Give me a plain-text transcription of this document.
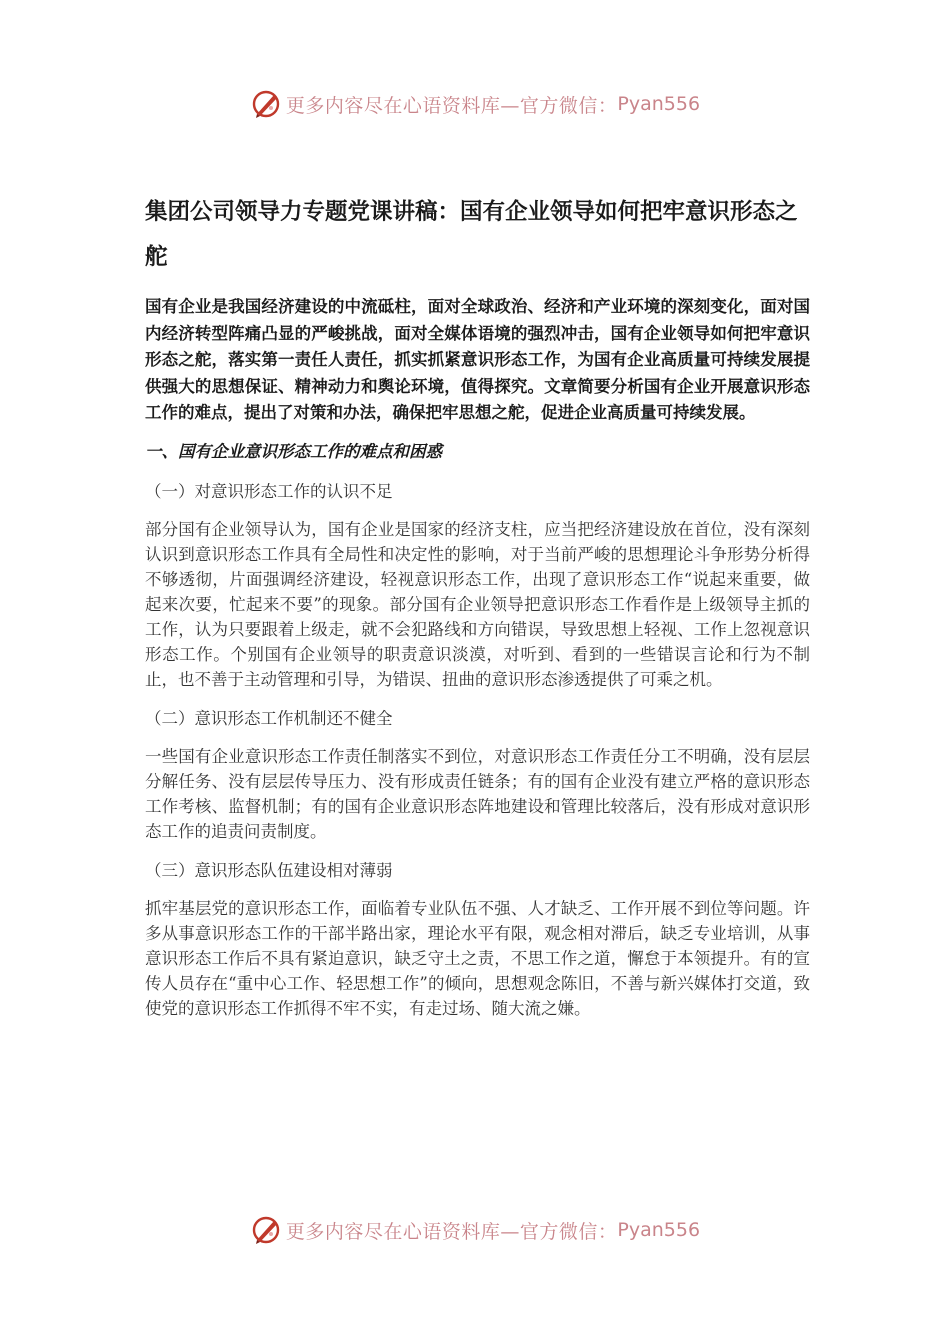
更多内容尽在心语资料库—官方微信： Pyan556
集团公司领导力专题党课讲稿：国有企业领导如何把牢意识形态之舵

国有企业是我国经济建设的中流砥柱，面对全球政治、经济和产业环境的深刻变化，面对国内经济转型阵痛凸显的严峻挑战，面对全媒体语境的强烈冲击，国有企业领导如何把牢意识形态之舵，落实第一责任人责任，抓实抓紧意识形态工作，为国有企业高质量可持续发展提供强大的思想保证、精神动力和舆论环境，值得探究。文章简要分析国有企业开展意识形态工作的难点，提出了对策和办法，确保把牢思想之舵，促进企业高质量可持续发展。

一、国有企业意识形态工作的难点和困惑
（一）对意识形态工作的认识不足

部分国有企业领导认为，国有企业是国家的经济支柱，应当把经济建设放在首位，没有深刻认识到意识形态工作具有全局性和决定性的影响，对于当前严峻的思想理论斗争形势分析得不够透彻，片面强调经济建设，轻视意识形态工作，出现了意识形态工作“说起来重要，做起来次要，忙起来不要”的现象。部分国有企业领导把意识形态工作看作是上级领导主抓的工作，认为只要跟着上级走，就不会犯路线和方向错误，导致思想上轻视、工作上忽视意识形态工作。个别国有企业领导的职责意识淡漠，对听到、看到的一些错误言论和行为不制止，也不善于主动管理和引导，为错误、扭曲的意识形态渗透提供了可乘之机。

（二）意识形态工作机制还不健全

一些国有企业意识形态工作责任制落实不到位，对意识形态工作责任分工不明确，没有层层分解任务、没有层层传导压力、没有形成责任链条；有的国有企业没有建立严格的意识形态工作考核、监督机制；有的国有企业意识形态阵地建设和管理比较落后，没有形成对意识形态工作的追责问责制度。

（三）意识形态队伍建设相对薄弱

抓牢基层党的意识形态工作，面临着专业队伍不强、人才缺乏、工作开展不到位等问题。许多从事意识形态工作的干部半路出家，理论水平有限，观念相对滞后，缺乏专业培训，从事意识形态工作后不具有紧迫意识，缺乏守土之责，不思工作之道，懈怠于本领提升。有的宣传人员存在“重中心工作、轻思想工作”的倾向，思想观念陈旧，不善与新兴媒体打交道，致使党的意识形态工作抓得不牢不实，有走过场、随大流之嫌。

更多内容尽在心语资料库—官方微信： Pyan556
